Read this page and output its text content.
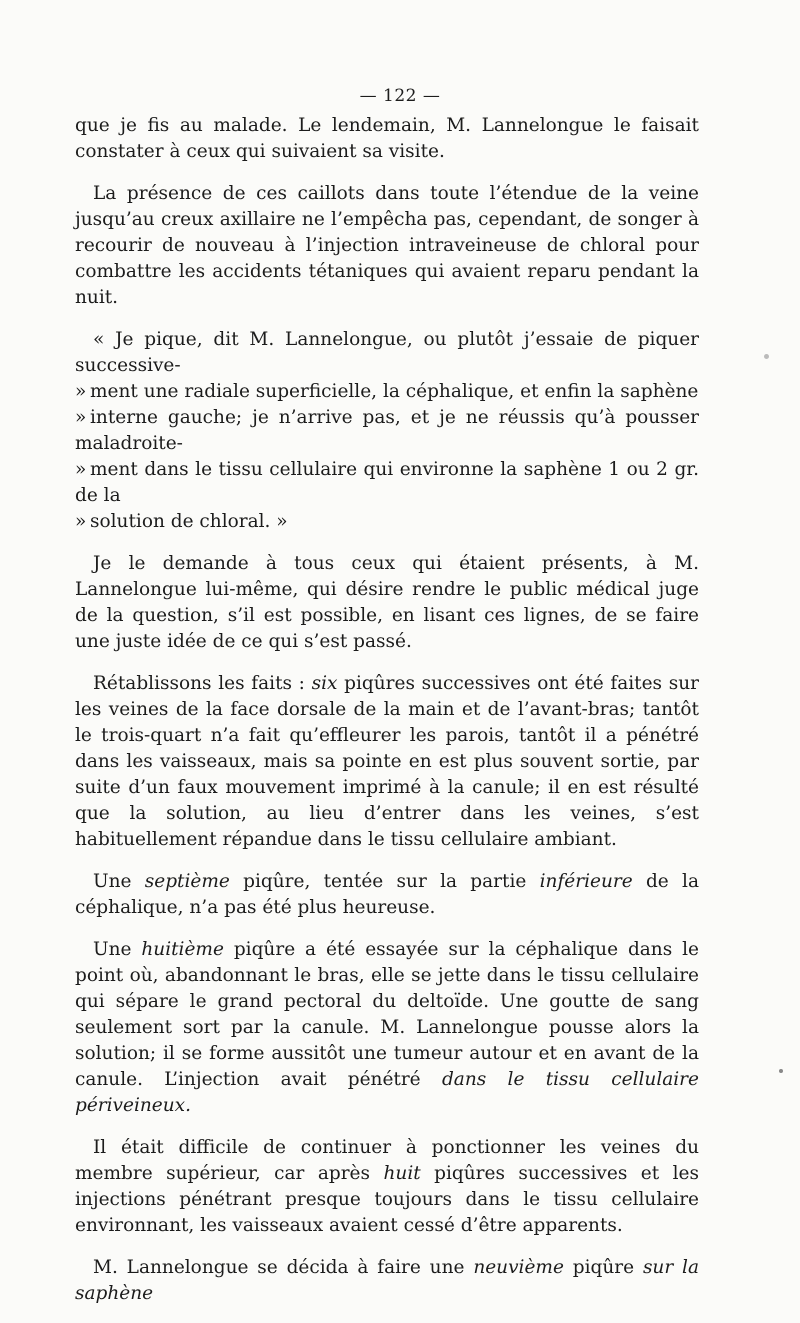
— 122 —

que je fis au malade. Le lendemain, M. Lannelongue le faisait constater à ceux qui suivaient sa visite.

La présence de ces caillots dans toute l’étendue de la veine jusqu’au creux axillaire ne l’empêcha pas, cependant, de songer à recourir de nouveau à l’injection intraveineuse de chloral pour combattre les accidents tétaniques qui avaient reparu pendant la nuit.

« Je pique, dit M. Lannelongue, ou plutôt j’essaie de piquer successive-
» ment une radiale superficielle, la céphalique, et enfin la saphène
» interne gauche; je n’arrive pas, et je ne réussis qu’à pousser maladroite-
» ment dans le tissu cellulaire qui environne la saphène 1 ou 2 gr. de la
» solution de chloral. »

Je le demande à tous ceux qui étaient présents, à M. Lannelongue lui-même, qui désire rendre le public médical juge de la question, s’il est possible, en lisant ces lignes, de se faire une juste idée de ce qui s’est passé.

Rétablissons les faits : six piqûres successives ont été faites sur les veines de la face dorsale de la main et de l’avant-bras; tantôt le trois-quart n’a fait qu’effleurer les parois, tantôt il a pénétré dans les vaisseaux, mais sa pointe en est plus souvent sortie, par suite d’un faux mouvement imprimé à la canule; il en est résulté que la solution, au lieu d’entrer dans les veines, s’est habituellement répandue dans le tissu cellulaire ambiant.

Une septième piqûre, tentée sur la partie inférieure de la céphalique, n’a pas été plus heureuse.

Une huitième piqûre a été essayée sur la céphalique dans le point où, abandonnant le bras, elle se jette dans le tissu cellulaire qui sépare le grand pectoral du deltoïde. Une goutte de sang seulement sort par la canule. M. Lannelongue pousse alors la solution; il se forme aussitôt une tumeur autour et en avant de la canule. L’injection avait pénétré dans le tissu cellulaire périveineux.

Il était difficile de continuer à ponctionner les veines du membre supérieur, car après huit piqûres successives et les injections pénétrant presque toujours dans le tissu cellulaire environnant, les vaisseaux avaient cessé d’être apparents.

M. Lannelongue se décida à faire une neuvième piqûre sur la saphène
